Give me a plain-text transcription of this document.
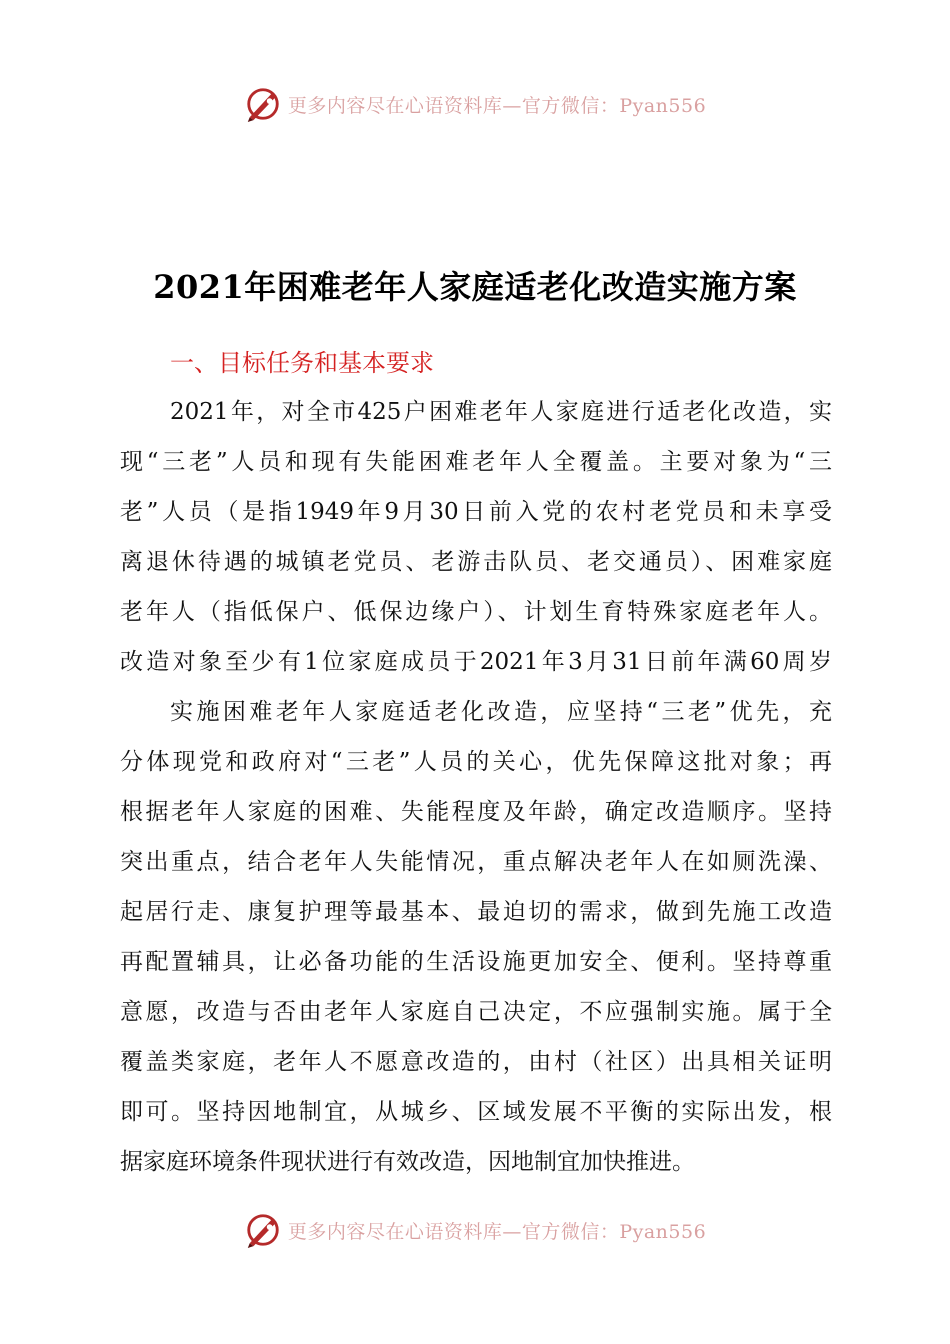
更多内容尽在心语资料库—官方微信：Pyan556
2021年困难老年人家庭适老化改造实施方案
一、目标任务和基本要求
2021年，对全市425户困难老年人家庭进行适老化改造，实
现“三老”人员和现有失能困难老年人全覆盖。主要对象为“三
老”人员（是指1949年9月30日前入党的农村老党员和未享受
离退休待遇的城镇老党员、老游击队员、老交通员）、困难家庭
老年人（指低保户、低保边缘户）、计划生育特殊家庭老年人。
改造对象至少有1位家庭成员于2021年3月31日前年满60周岁
实施困难老年人家庭适老化改造，应坚持“三老”优先，充
分体现党和政府对“三老”人员的关心，优先保障这批对象；再
根据老年人家庭的困难、失能程度及年龄，确定改造顺序。坚持
突出重点，结合老年人失能情况，重点解决老年人在如厕洗澡、
起居行走、康复护理等最基本、最迫切的需求，做到先施工改造
再配置辅具，让必备功能的生活设施更加安全、便利。坚持尊重
意愿，改造与否由老年人家庭自己决定，不应强制实施。属于全
覆盖类家庭，老年人不愿意改造的，由村（社区）出具相关证明
即可。坚持因地制宜，从城乡、区域发展不平衡的实际出发，根
据家庭环境条件现状进行有效改造，因地制宜加快推进。
更多内容尽在心语资料库—官方微信：Pyan556
